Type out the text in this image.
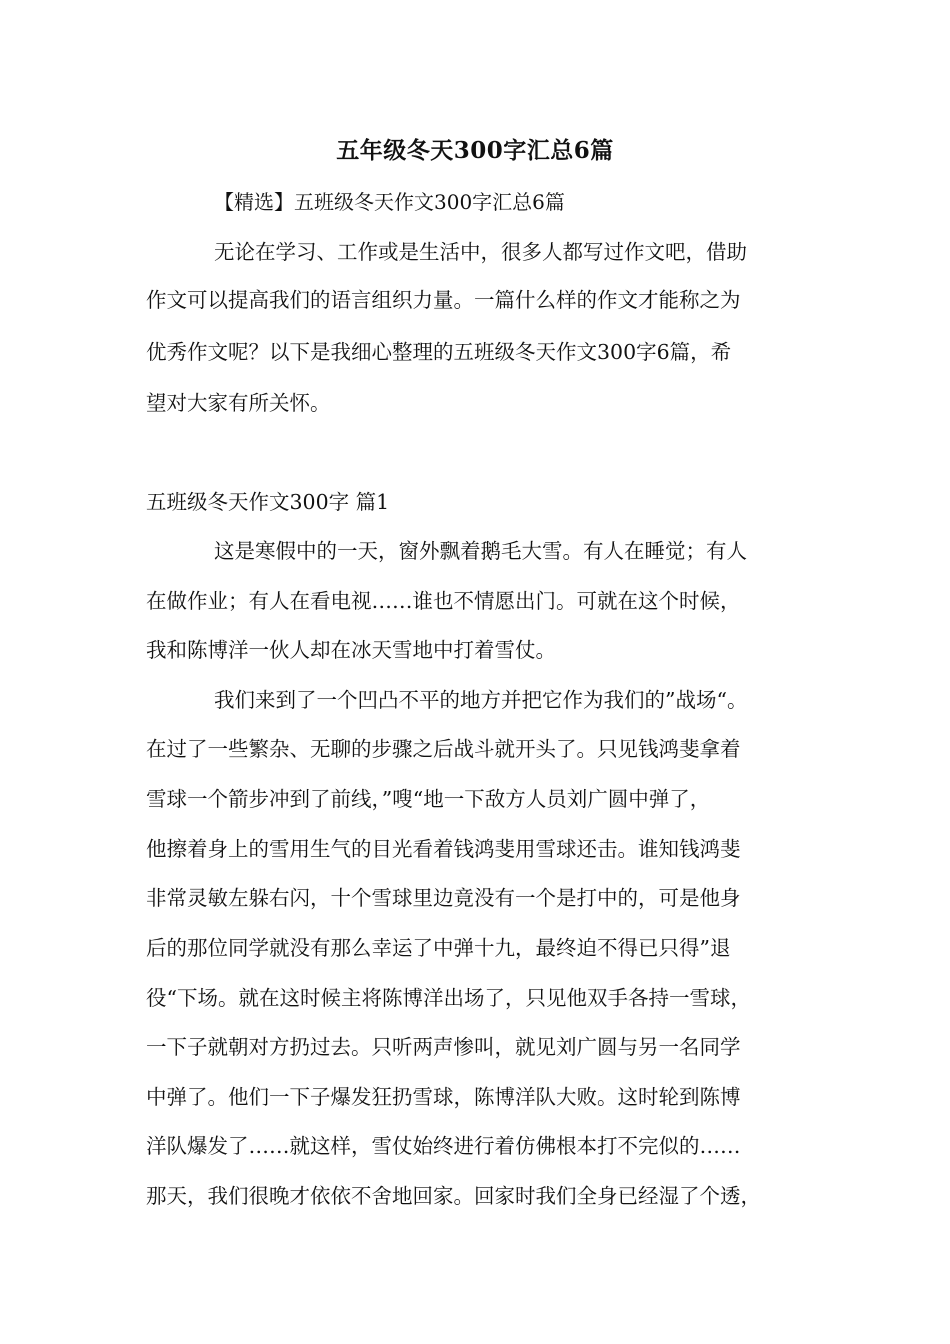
五年级冬天300字汇总6篇
【精选】五班级冬天作文300字汇总6篇
无论在学习、工作或是生活中，很多人都写过作文吧，借助
作文可以提高我们的语言组织力量。一篇什么样的作文才能称之为
优秀作文呢？以下是我细心整理的五班级冬天作文300字6篇，希
望对大家有所关怀。
五班级冬天作文300字 篇1
这是寒假中的一天，窗外飘着鹅毛大雪。有人在睡觉；有人
在做作业；有人在看电视……谁也不情愿出门。可就在这个时候，
我和陈博洋一伙人却在冰天雪地中打着雪仗。
我们来到了一个凹凸不平的地方并把它作为我们的”战场“。
在过了一些繁杂、无聊的步骤之后战斗就开头了。只见钱鸿斐拿着
雪球一个箭步冲到了前线，”嗖“地一下敌方人员刘广圆中弹了，
他擦着身上的雪用生气的目光看着钱鸿斐用雪球还击。谁知钱鸿斐
非常灵敏左躲右闪，十个雪球里边竟没有一个是打中的，可是他身
后的那位同学就没有那么幸运了中弹十九，最终迫不得已只得”退
役“下场。就在这时候主将陈博洋出场了，只见他双手各持一雪球，
一下子就朝对方扔过去。只听两声惨叫，就见刘广圆与另一名同学
中弹了。他们一下子爆发狂扔雪球，陈博洋队大败。这时轮到陈博
洋队爆发了……就这样，雪仗始终进行着仿佛根本打不完似的……
那天，我们很晚才依依不舍地回家。回家时我们全身已经湿了个透，
